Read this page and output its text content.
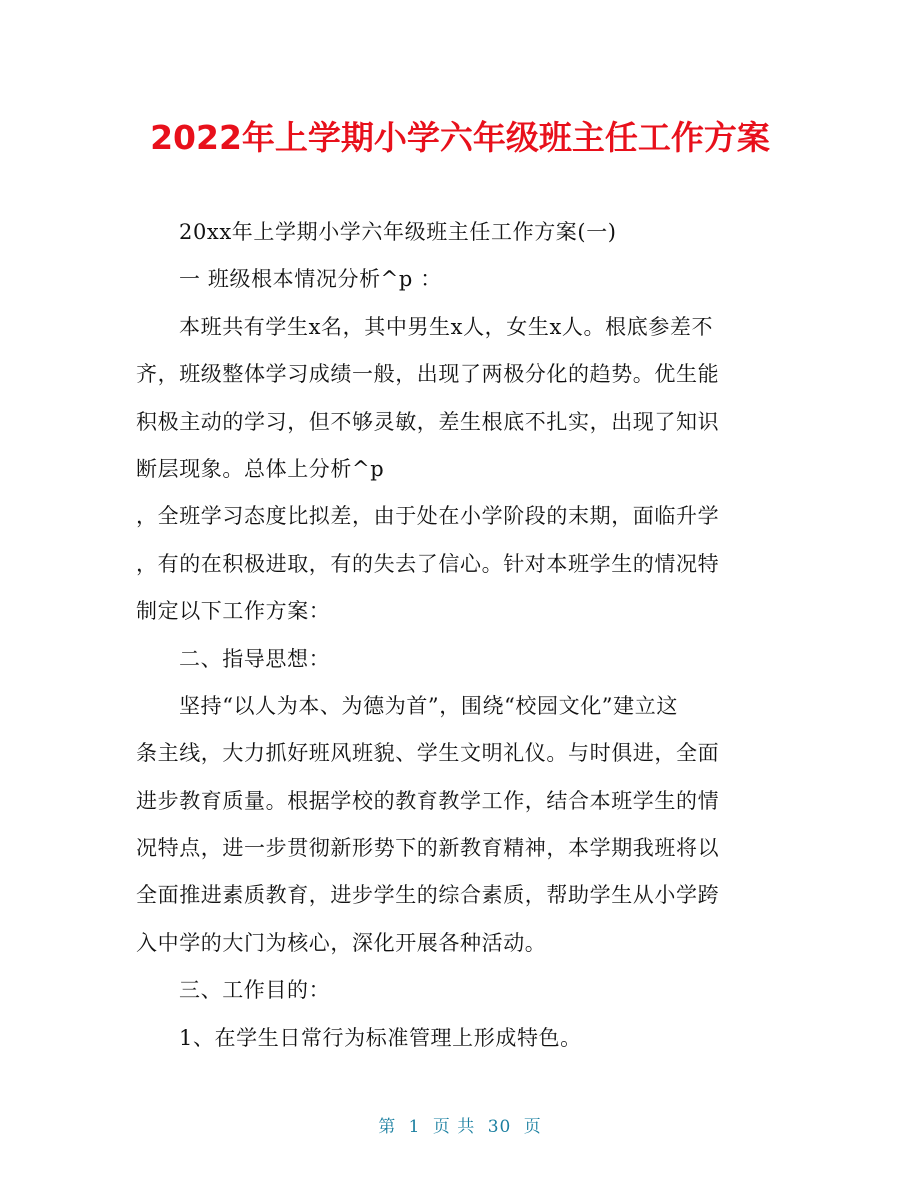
2022年上学期小学六年级班主任工作方案
20xx年上学期小学六年级班主任工作方案(一)
一 班级根本情况分析^p ：
本班共有学生x名，其中男生x人，女生x人。根底参差不
齐，班级整体学习成绩一般，出现了两极分化的趋势。优生能
积极主动的学习，但不够灵敏，差生根底不扎实，出现了知识
断层现象。总体上分析^p
，全班学习态度比拟差，由于处在小学阶段的末期，面临升学
，有的在积极进取，有的失去了信心。针对本班学生的情况特
制定以下工作方案：
二、指导思想：
坚持“以人为本、为德为首”，围绕“校园文化”建立这
条主线，大力抓好班风班貌、学生文明礼仪。与时俱进，全面
进步教育质量。根据学校的教育教学工作，结合本班学生的情
况特点，进一步贯彻新形势下的新教育精神，本学期我班将以
全面推进素质教育，进步学生的综合素质，帮助学生从小学跨
入中学的大门为核心，深化开展各种活动。
三、工作目的：
1、在学生日常行为标准管理上形成特色。
第 1 页 共 30 页
